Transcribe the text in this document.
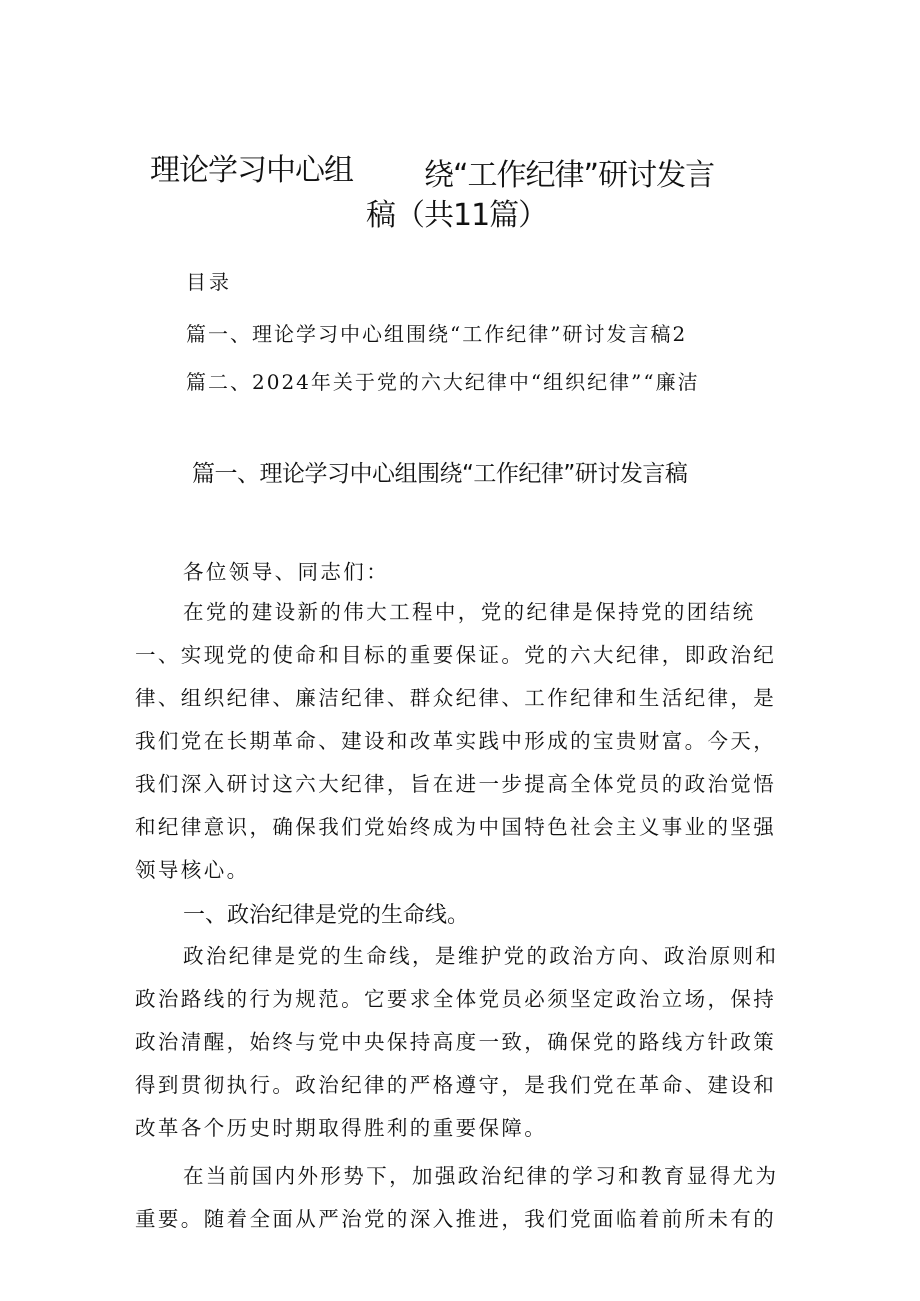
理论学习中心组 绕“工作纪律”研讨发言
稿（共11篇）
目录
篇一、理论学习中心组围绕“工作纪律”研讨发言稿2
篇二、2024年关于党的六大纪律中“组织纪律”“廉洁
篇一、理论学习中心组围绕“工作纪律”研讨发言稿
各位领导、同志们：

在党的建设新的伟大工程中，党的纪律是保持党的团结统一、实现党的使命和目标的重要保证。党的六大纪律，即政治纪律、组织纪律、廉洁纪律、群众纪律、工作纪律和生活纪律，是我们党在长期革命、建设和改革实践中形成的宝贵财富。今天，我们深入研讨这六大纪律，旨在进一步提高全体党员的政治觉悟和纪律意识，确保我们党始终成为中国特色社会主义事业的坚强领导核心。

一、政治纪律是党的生命线。

政治纪律是党的生命线，是维护党的政治方向、政治原则和政治路线的行为规范。它要求全体党员必须坚定政治立场，保持政治清醒，始终与党中央保持高度一致，确保党的路线方针政策得到贯彻执行。政治纪律的严格遵守，是我们党在革命、建设和改革各个历史时期取得胜利的重要保障。

在当前国内外形势下，加强政治纪律的学习和教育显得尤为重要。随着全面从严治党的深入推进，我们党面临着前所未有的
